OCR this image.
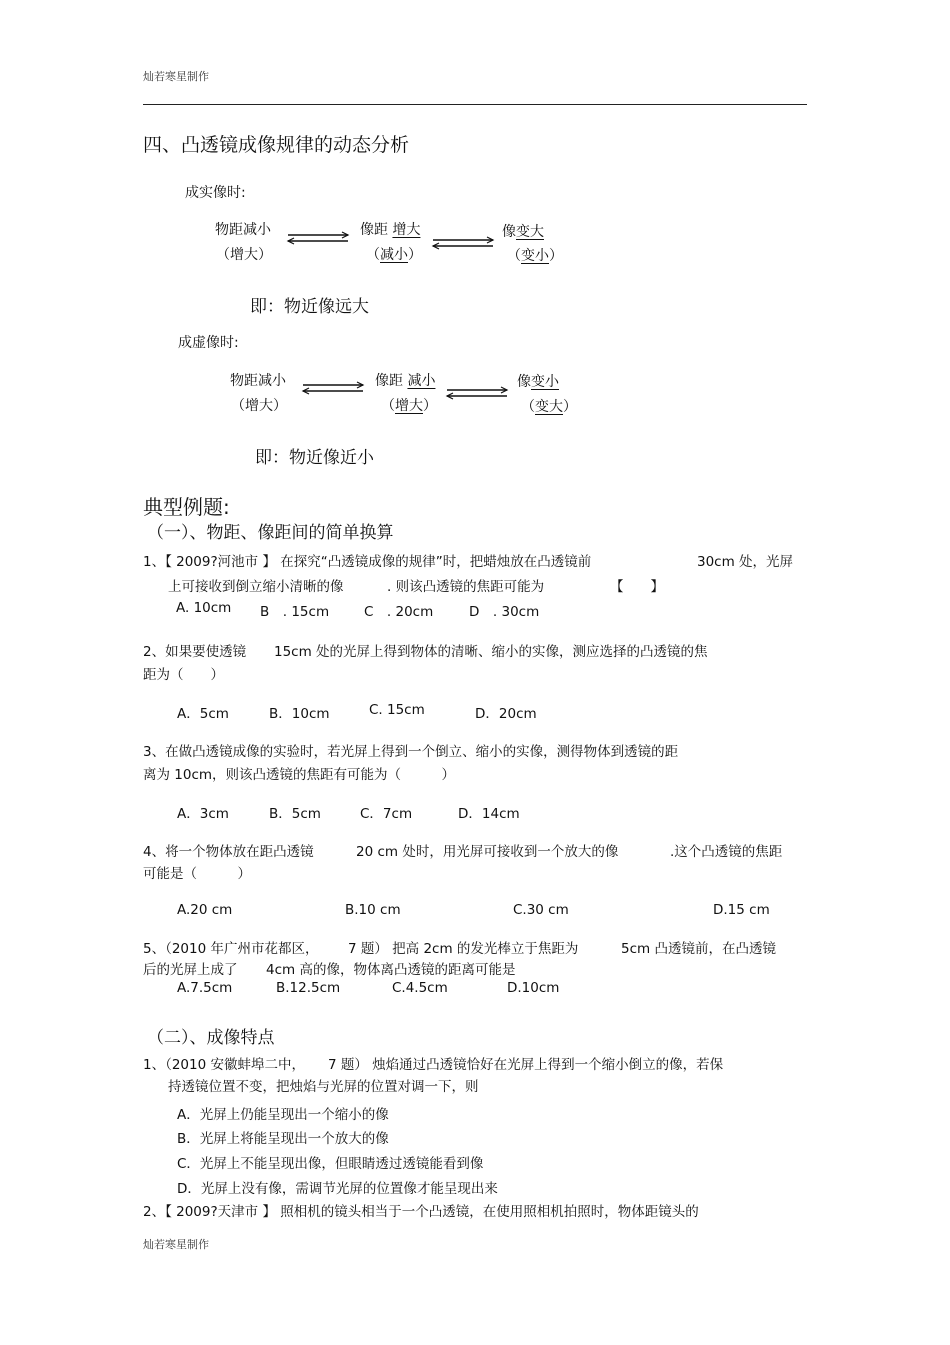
灿若寒星制作
四、凸透镜成像规律的动态分析
成实像时:
物距减小
（增大）
像距 增大
（减小）
像变大
（变小）
即：物近像远大
成虚像时:
物距减小
（增大）
像距 减小
（增大）
像变小
（变大）
即：物近像近小
典型例题:
（一）、物距、像距间的简单换算
1、【 2009?河池市 】 在探究“凸透镜成像的规律”时，把蜡烛放在凸透镜前	30cm 处，光屏
上可接收到倒立缩小清晰的像	. 则该凸透镜的焦距可能为	【　　】
A. 10cm B　. 15cm	C　. 20cm	D　. 30cm
2、如果要使透镜 15cm 处的光屏上得到物体的清晰、缩小的实像，测应选择的凸透镜的焦
距为（　　）
A．5cm	B．10cm	C. 15cm	D．20cm
3、在做凸透镜成像的实验时，若光屏上得到一个倒立、缩小的实像，测得物体到透镜的距
离为 10cm，则该凸透镜的焦距有可能为（　　　）
A．3cm	B．5cm	C．7cm	D．14cm
4、将一个物体放在距凸透镜	20 cm 处时，用光屏可接收到一个放大的像	.这个凸透镜的焦距
可能是（　　　）
A.20 cm	B.10 cm	C.30 cm	D.15 cm
5、（2010 年广州市花都区， 7 题） 把高 2cm 的发光棒立于焦距为	5cm 凸透镜前，在凸透镜
后的光屏上成了 4cm 高的像，物体离凸透镜的距离可能是
A.7.5cm	B.12.5cm	C.4.5cm	D.10cm
（二）、成像特点
1、（2010 安徽蚌埠二中， 7 题） 烛焰通过凸透镜恰好在光屏上得到一个缩小倒立的像，若保
持透镜位置不变，把烛焰与光屏的位置对调一下，则
A．光屏上仍能呈现出一个缩小的像
B．光屏上将能呈现出一个放大的像
C．光屏上不能呈现出像，但眼睛透过透镜能看到像
D．光屏上没有像，需调节光屏的位置像才能呈现出来
2、【 2009?天津市 】 照相机的镜头相当于一个凸透镜，在使用照相机拍照时，物体距镜头的
灿若寒星制作
